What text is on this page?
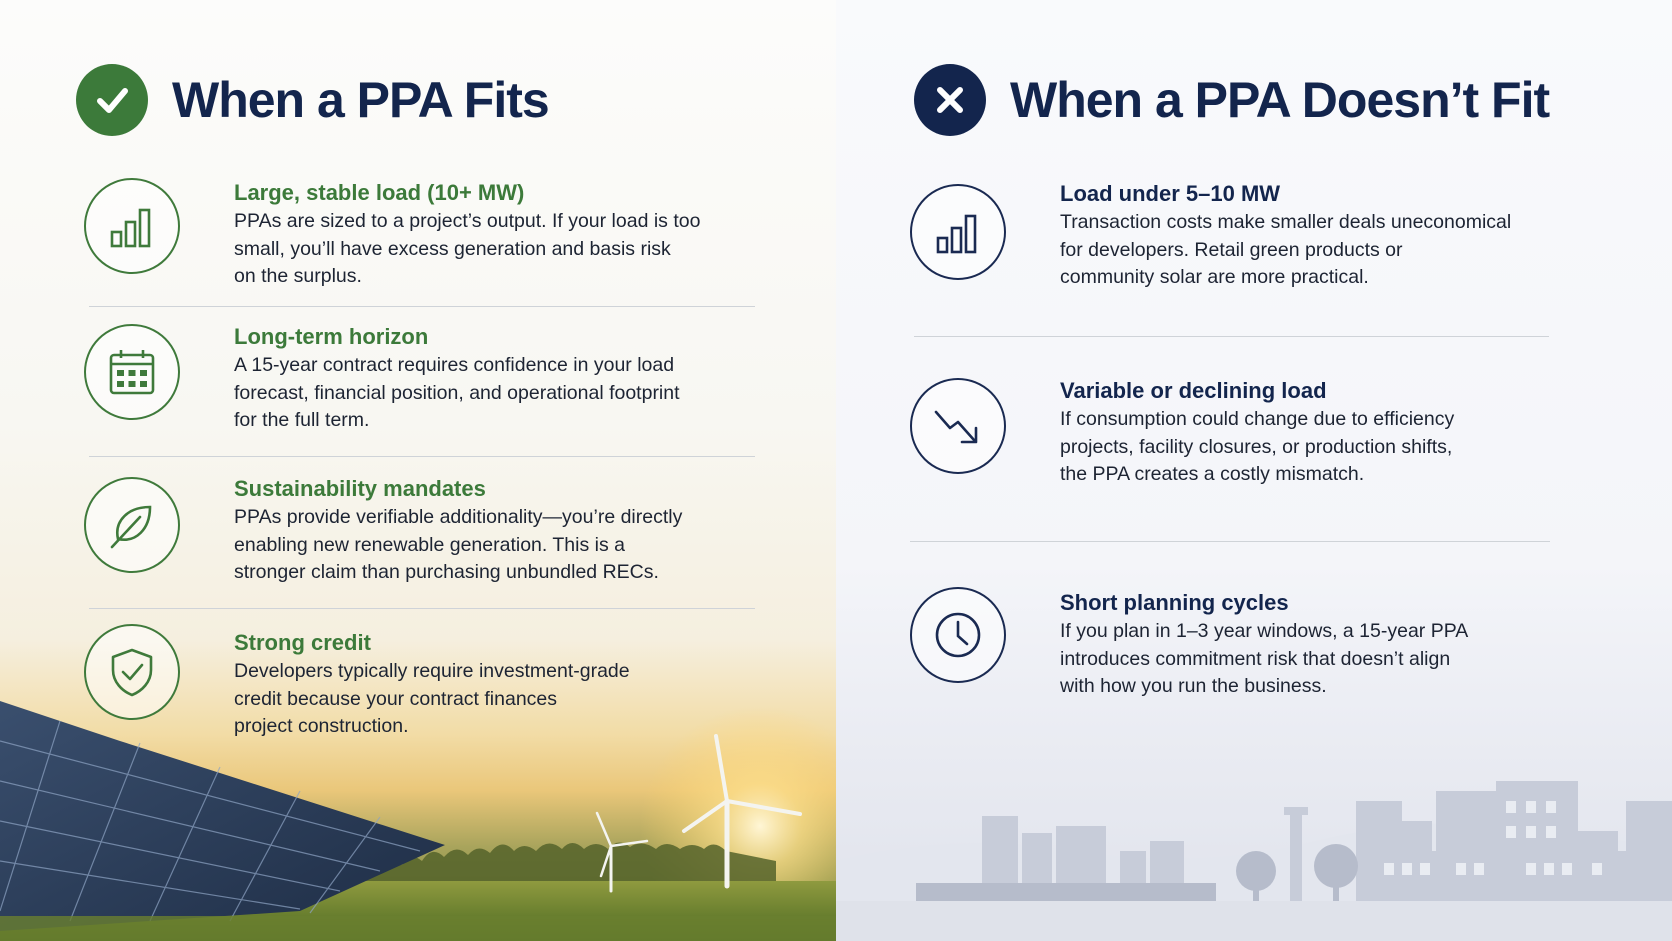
When a PPA Fits
Large, stable load (10+ MW)

PPAs are sized to a project’s output. If your load is too

small, you’ll have excess generation and basis risk

on the surplus.

Long-term horizon

A 15-year contract requires confidence in your load

forecast, financial position, and operational footprint

for the full term.

Sustainability mandates

PPAs provide verifiable additionality—you’re directly

enabling new renewable generation. This is a

stronger claim than purchasing unbundled RECs.

Strong credit

Developers typically require investment-grade

credit because your contract finances

project construction.

When a PPA Doesn’t Fit
Load under 5–10 MW

Transaction costs make smaller deals uneconomical

for developers. Retail green products or

community solar are more practical.

Variable or declining load

If consumption could change due to efficiency

projects, facility closures, or production shifts,

the PPA creates a costly mismatch.

Short planning cycles

If you plan in 1–3 year windows, a 15-year PPA

introduces commitment risk that doesn’t align

with how you run the business.
